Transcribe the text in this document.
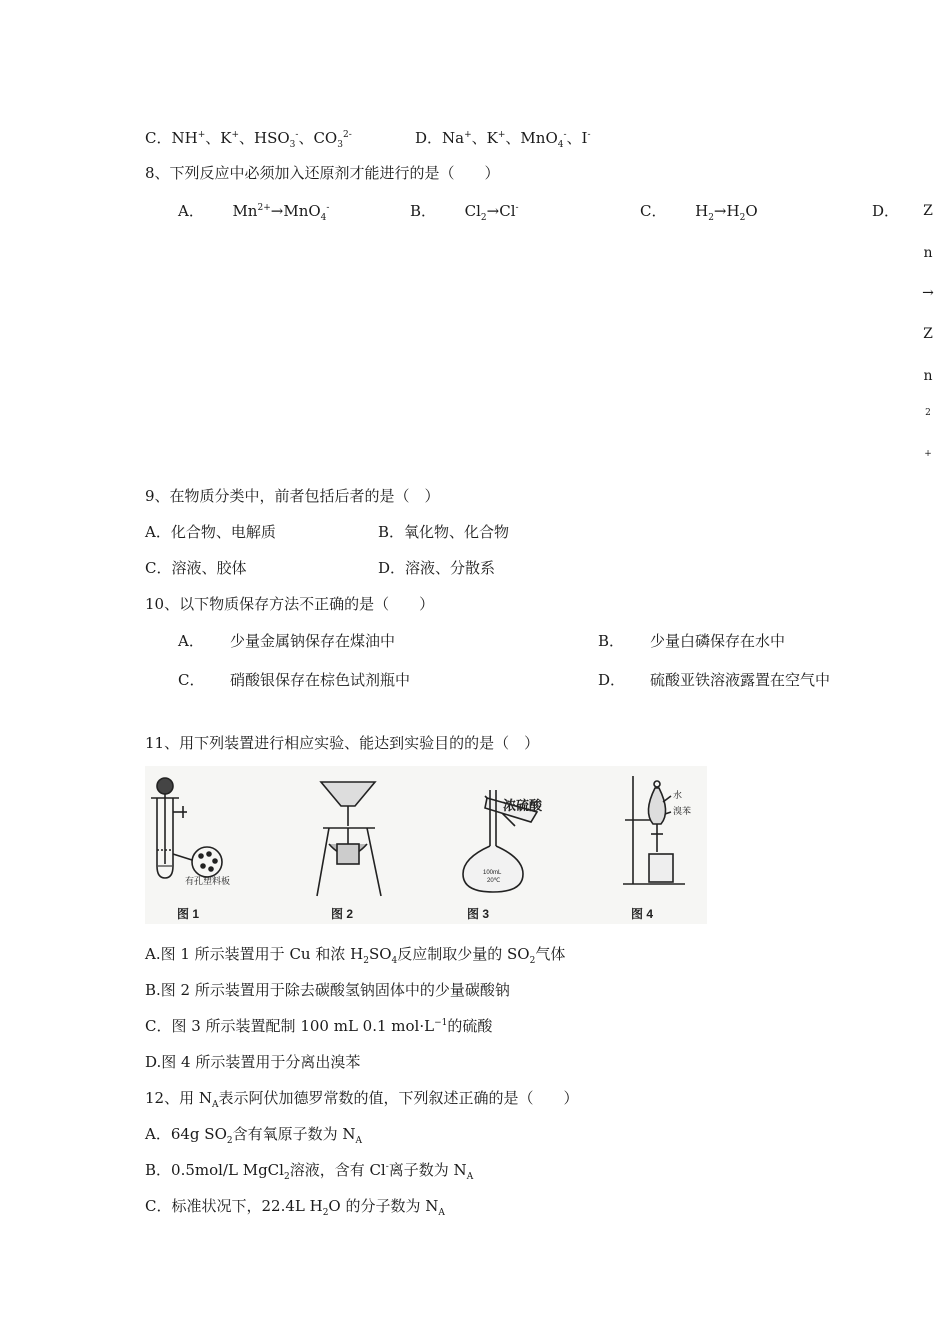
C．NH+、K+、$HSO_3^-$、$CO_3^{2-}$	D．Na+、K+、MnO$_4$-、I-
8、下列反应中必须加入还原剂才能进行的是（　　）
A． $Mn^{2+}\to MnO_4^-$	B． $Cl_2\to Cl^-$	C． $H_2\to H_2O$	D． Z
n
→
Z
n
2
+
9、在物质分类中，前者包括后者的是（　）
A．化合物、电解质	B．氧化物、化合物
C．溶液、胶体	D．溶液、分散系
10、以下物质保存方法不正确的是（　　）
A． 少量金属钠保存在煤油中	B． 少量白磷保存在水中
C． 硝酸银保存在棕色试剂瓶中	D． 硫酸亚铁溶液露置在空气中
11、用下列装置进行相应实验、能达到实验目的的是（　）
有孔塑料板
浓硫酸
100mL
20℃
水
溴苯
图 1	图 2	图 3	图 4
A.图 1 所示装置用于 Cu 和浓 $H_2SO_4$反应制取少量的 $SO_2$气体
B.图 2 所示装置用于除去碳酸氢钠固体中的少量碳酸钠
C．图 3 所示装置配制 100 mL 0.1 $mol\cdot L^{-1}$的硫酸
D.图 4 所示装置用于分离出溴苯
12、用 $N_A$表示阿伏加德罗常数的值，下列叙述正确的是（　　）
A．64g $SO_2$含有氧原子数为 $N_A$
B．0.5mol/L MgCl$_2$溶液，含有 Cl-离子数为 $N_A$
C．标准状况下，22.4L $H_2O$ 的分子数为 $N_A$
